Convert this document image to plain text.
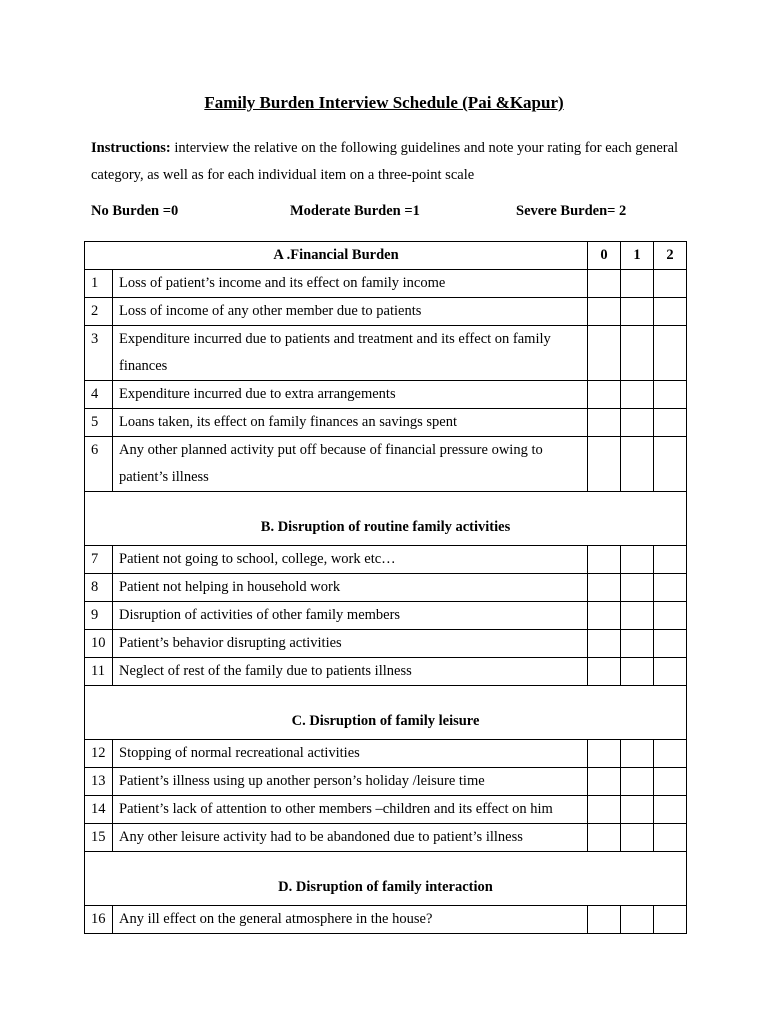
Family Burden Interview Schedule (Pai &Kapur)
Instructions: interview the relative on the following guidelines and note your rating for each general category, as well as for each individual item on a three-point scale
No Burden =0	Moderate Burden =1	Severe Burden= 2
A .Financial Burden		0	1	2
1	Loss of patient’s income and its effect on family income			
2	Loss of income of any other member due to patients			
3	Expenditure incurred due to patients and treatment and its effect on family finances			
4	Expenditure incurred due to extra arrangements			
5	Loans taken, its effect on family finances an savings spent			
6	Any other planned activity put off because of financial pressure owing to patient’s illness			
B. Disruption of routine family activities				
7	Patient not going to school, college, work etc…			
8	Patient not helping in household work			
9	Disruption of activities of other family members			
10	Patient’s behavior disrupting activities			
11	Neglect of rest of the family due to patients illness			
C. Disruption of family leisure				
12	Stopping of normal recreational activities			
13	Patient’s illness using up another person’s holiday /leisure time			
14	Patient’s lack of attention to other members –children and its effect on him			
15	Any other leisure activity had to be abandoned due to patient’s illness			
D. Disruption of family interaction				
16	Any ill effect on the general atmosphere in the house?			
